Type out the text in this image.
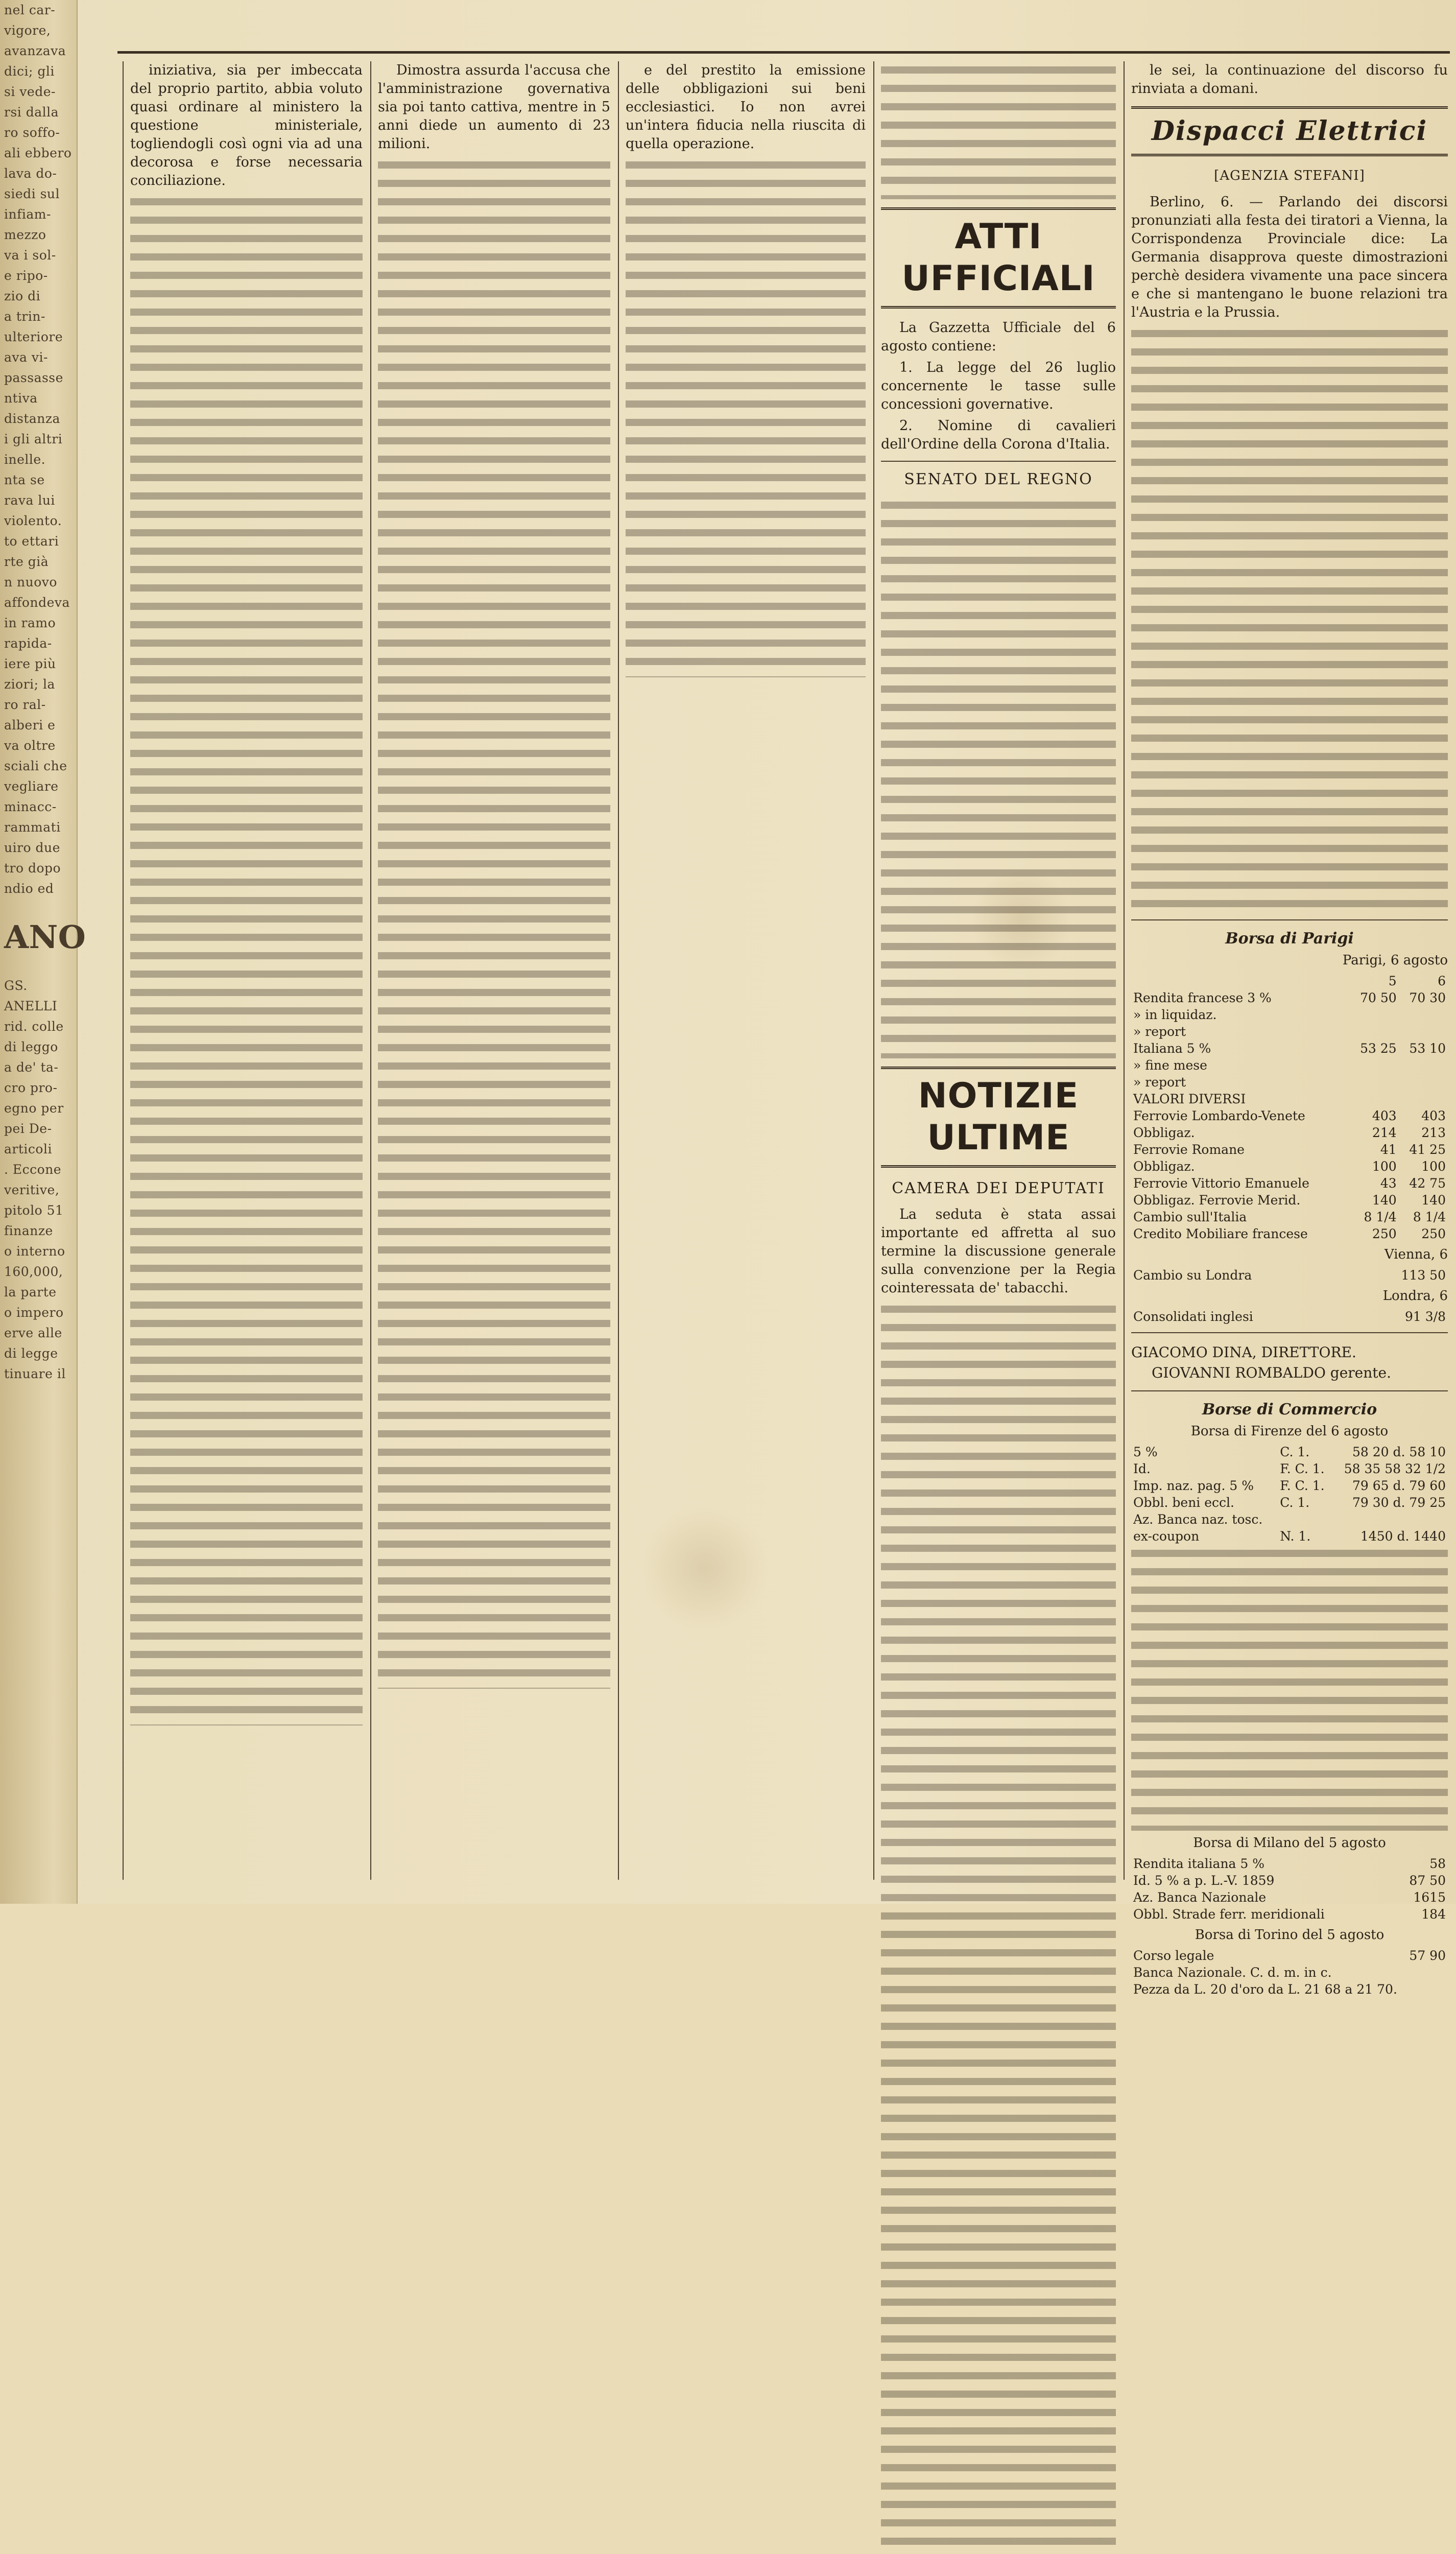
nel car-
vigore,
avanzava
dici; gli
si vede-
rsi dalla
ro soffo-
ali ebbero
lava do-
siedi sul
infiam-
mezzo
va i sol-
e ripo-
zio di
a trin-
ulteriore
ava vi-
passasse
ntiva
distanza
i gli altri
inelle.
nta se
rava lui
violento.
to ettari
rte già
n nuovo
affondeva
in ramo
rapida-
iere più
ziori; la
ro ral-
alberi e
va oltre
sciali che
vegliare
minacc-
rammati
uiro due
tro dopo
ndio ed
ANO
GS.
ANELLI
rid. colle
di leggo
a de' ta-
cro pro-
egno per
pei De-
articoli
. Eccone
veritive,
pitolo 51
finanze
o interno
160,000,
la parte
o impero
erve alle
di legge
tinuare il

iniziativa, sia per imbeccata del proprio partito, abbia voluto quasi ordinare al ministero la questione ministeriale, togliendogli così ogni via ad una decorosa e forse necessaria conciliazione.

Dimostra assurda l'accusa che l'amministrazione governativa sia poi tanto cattiva, mentre in 5 anni diede un aumento di 23 milioni.

e del prestito la emissione delle obbligazioni sui beni ecclesiastici. Io non avrei un'intera fiducia nella riuscita di quella operazione.

ATTI UFFICIALI

La Gazzetta Ufficiale del 6 agosto contiene:

1. La legge del 26 luglio concernente le tasse sulle concessioni governative.

2. Nomine di cavalieri dell'Ordine della Corona d'Italia.

SENATO DEL REGNO
NOTIZIE ULTIME
CAMERA DEI DEPUTATI

La seduta è stata assai importante ed affretta al suo termine la discussione generale sulla convenzione per la Regia cointeressata de' tabacchi.

le sei, la continuazione del discorso fu rinviata a domani.

Dispacci Elettrici
[AGENZIA STEFANI]

Berlino, 6. — Parlando dei discorsi pronunziati alla festa dei tiratori a Vienna, la Corrispondenza Provinciale dice: La Germania disapprova queste dimostrazioni perchè desidera vivamente una pace sincera e che si mantengano le buone relazioni tra l'Austria e la Prussia.

Borsa di Parigi
Parigi, 6 agosto
	5	6
Rendita francese 3 %	70 50	70 30
» in liquidaz.		
» report		
Italiana 5 %	53 25	53 10
» fine mese		
» report		
VALORI DIVERSI		
Ferrovie Lombardo-Venete	403	403
Obbligaz.	214	213
Ferrovie Romane	41	41 25
Obbligaz.	100	100
Ferrovie Vittorio Emanuele	43	42 75
Obbligaz. Ferrovie Merid.	140	140
Cambio sull'Italia	8 1/4	8 1/4
Credito Mobiliare francese	250	250
Vienna, 6
Cambio su Londra	113 50
Londra, 6
Consolidati inglesi	91 3/8
GIACOMO DINA, DIRETTORE.
GIOVANNI ROMBALDO gerente.
Borse di Commercio
Borsa di Firenze del 6 agosto
5 %	C. 1.	58 20 d. 58 10
Id.	F. C. 1.	58 35 58 32 1/2
Imp. naz. pag. 5 %	F. C. 1.	79 65 d. 79 60
Obbl. beni eccl.	C. 1.	79 30 d. 79 25
Az. Banca naz. tosc.		
ex-coupon	N. 1.	1450 d. 1440
Borsa di Milano del 5 agosto
Rendita italiana 5 %	58
Id. 5 % a p. L.-V. 1859	87 50
Az. Banca Nazionale	1615
Obbl. Strade ferr. meridionali	184
Borsa di Torino del 5 agosto
Corso legale	57 90
Banca Nazionale. C. d. m. in c.	
Pezza da L. 20 d'oro da L. 21 68 a 21 70.	
